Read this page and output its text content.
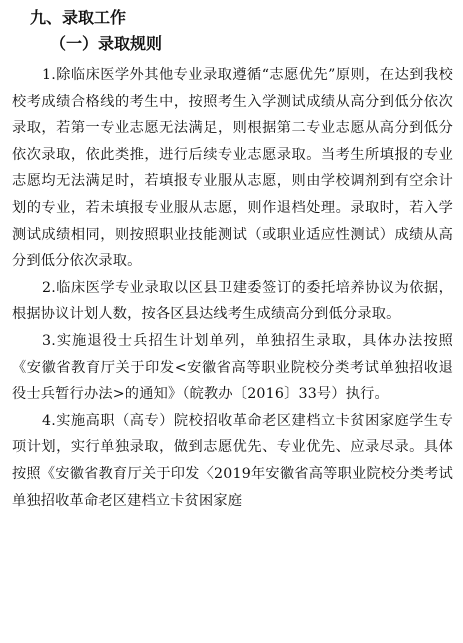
九、录取工作
（一）录取规则

1.除临床医学外其他专业录取遵循“志愿优先”原则，在达到我校校考成绩合格线的考生中，按照考生入学测试成绩从高分到低分依次录取，若第一专业志愿无法满足，则根据第二专业志愿从高分到低分依次录取，依此类推，进行后续专业志愿录取。当考生所填报的专业志愿均无法满足时，若填报专业服从志愿，则由学校调剂到有空余计划的专业，若未填报专业服从志愿，则作退档处理。录取时，若入学测试成绩相同，则按照职业技能测试（或职业适应性测试）成绩从高分到低分依次录取。

2.临床医学专业录取以区县卫建委签订的委托培养协议为依据，根据协议计划人数，按各区县达线考生成绩高分到低分录取。

3.实施退役士兵招生计划单列，单独招生录取，具体办法按照《安徽省教育厅关于印发<安徽省高等职业院校分类考试单独招收退役士兵暂行办法>的通知》（皖教办〔2016〕33号）执行。

4.实施高职（高专）院校招收革命老区建档立卡贫困家庭学生专项计划，实行单独录取，做到志愿优先、专业优先、应录尽录。具体按照《安徽省教育厅关于印发〈2019年安徽省高等职业院校分类考试单独招收革命老区建档立卡贫困家庭
